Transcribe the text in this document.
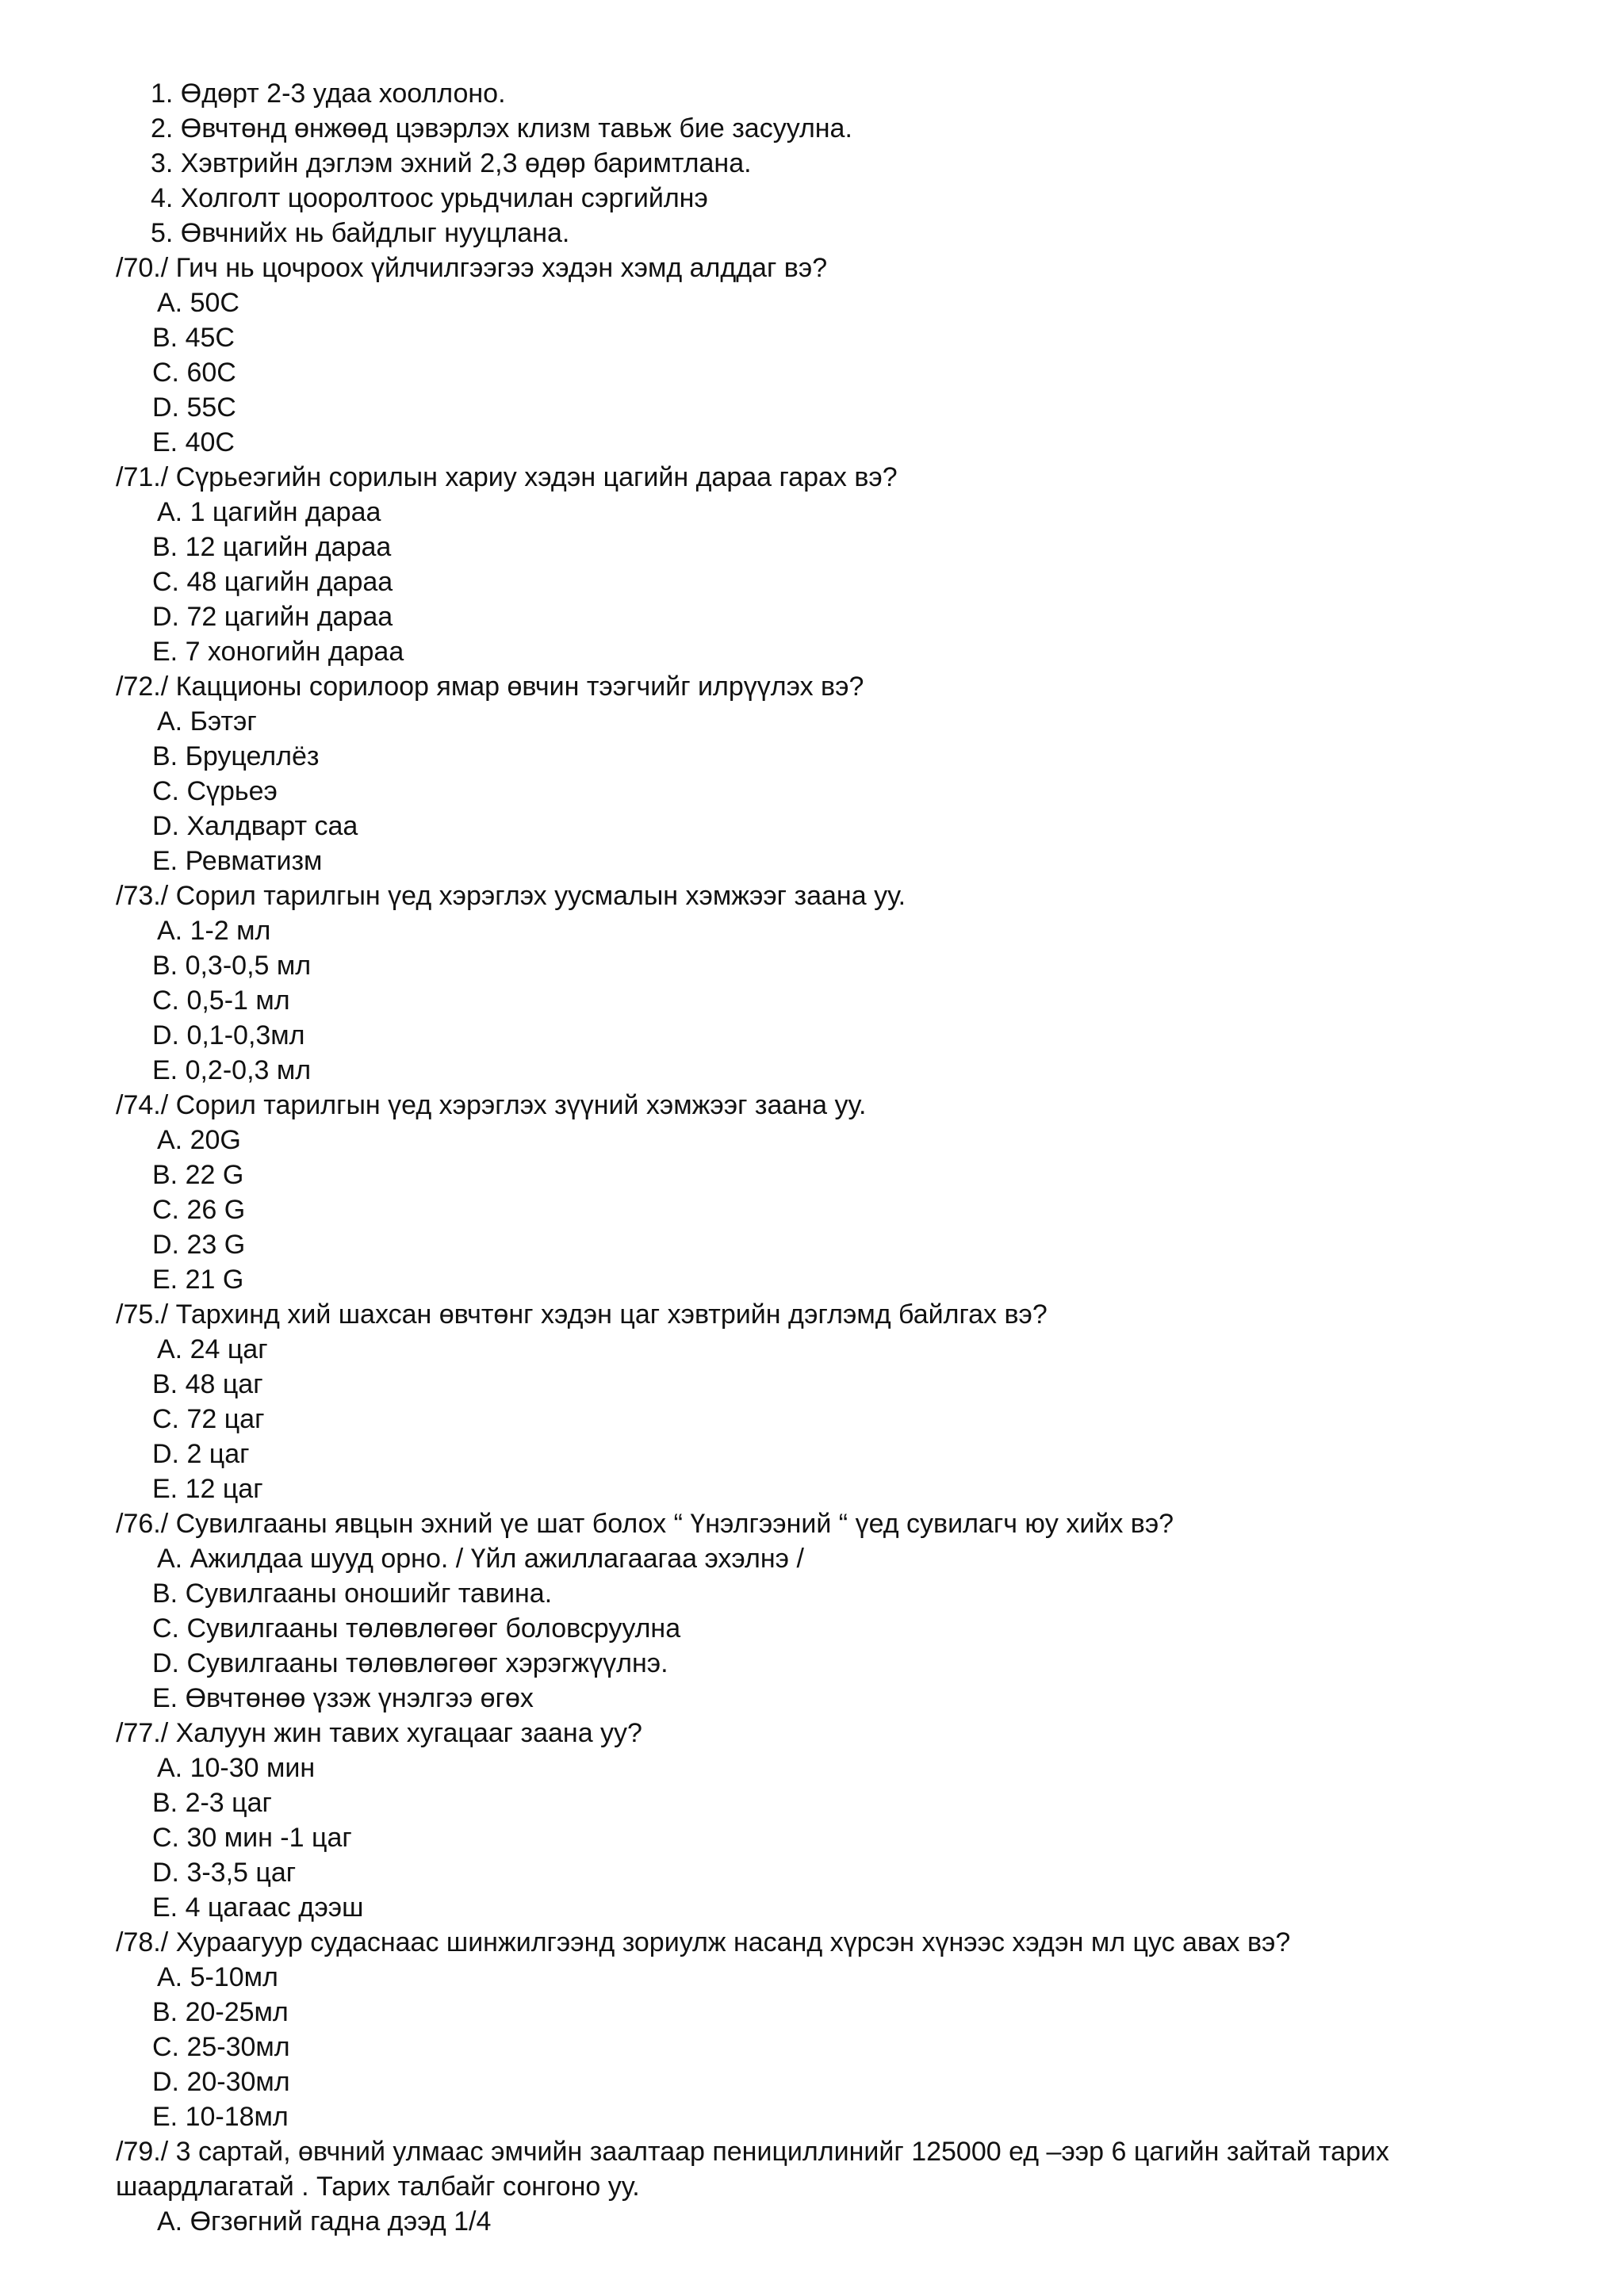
1. Өдөрт 2-3 удаа хооллоно.
2. Өвчтөнд өнжөөд цэвэрлэх клизм тавьж бие засуулна.
3. Хэвтрийн дэглэм эхний 2,3 өдөр баримтлана.
4. Холголт цооролтоос урьдчилан сэргийлнэ
5. Өвчнийх нь байдлыг нууцлана.
/70./ Гич нь цочроох үйлчилгээгээ хэдэн хэмд алддаг вэ?
A. 50C
B. 45C
C. 60C
D. 55C
E. 40C
/71./ Сүрьеэгийн сорилын хариу хэдэн цагийн дараа гарах вэ?
A. 1 цагийн дараа
B. 12 цагийн дараа
C. 48 цагийн дараа
D. 72 цагийн дараа
E. 7 хоногийн дараа
/72./ Кацционы сорилоор ямар өвчин тээгчийг илрүүлэх вэ?
A. Бэтэг
B. Бруцеллёз
C. Сүрьеэ
D. Халдварт саа
E. Ревматизм
/73./ Сорил тарилгын үед хэрэглэх уусмалын хэмжээг заана уу.
A. 1-2 мл
B. 0,3-0,5 мл
C. 0,5-1 мл
D. 0,1-0,3мл
E. 0,2-0,3 мл
/74./ Сорил тарилгын үед хэрэглэх зүүний хэмжээг заана уу.
A. 20G
B. 22 G
C. 26 G
D. 23 G
E. 21 G
/75./ Тархинд хий шахсан өвчтөнг хэдэн цаг хэвтрийн дэглэмд байлгах вэ?
A. 24 цаг
B. 48 цаг
C. 72 цаг
D. 2 цаг
E. 12 цаг
/76./ Сувилгааны явцын эхний үе шат болох “ Үнэлгээний “ үед сувилагч юу хийх вэ?
A. Ажилдаа шууд орно. / Үйл ажиллагаагаа эхэлнэ /
B. Сувилгааны оношийг тавина.
C. Сувилгааны төлөвлөгөөг боловсруулна
D. Сувилгааны төлөвлөгөөг хэрэгжүүлнэ.
E. Өвчтөнөө үзэж үнэлгээ өгөх
/77./ Халуун жин тавих хугацааг заана уу?
A. 10-30 мин
B. 2-3 цаг
C. 30 мин -1 цаг
D. 3-3,5 цаг
E. 4 цагаас дээш
/78./ Хураагуур судаснаас шинжилгээнд зориулж насанд хүрсэн хүнээс хэдэн мл цус авах вэ?
A. 5-10мл
B. 20-25мл
C. 25-30мл
D. 20-30мл
E. 10-18мл
/79./ 3 сартай, өвчний улмаас эмчийн заалтаар пенициллинийг 125000 ед –ээр 6 цагийн зайтай тарих
шаардлагатай . Тарих талбайг сонгоно уу.
A. Өгзөгний гадна дээд 1/4
